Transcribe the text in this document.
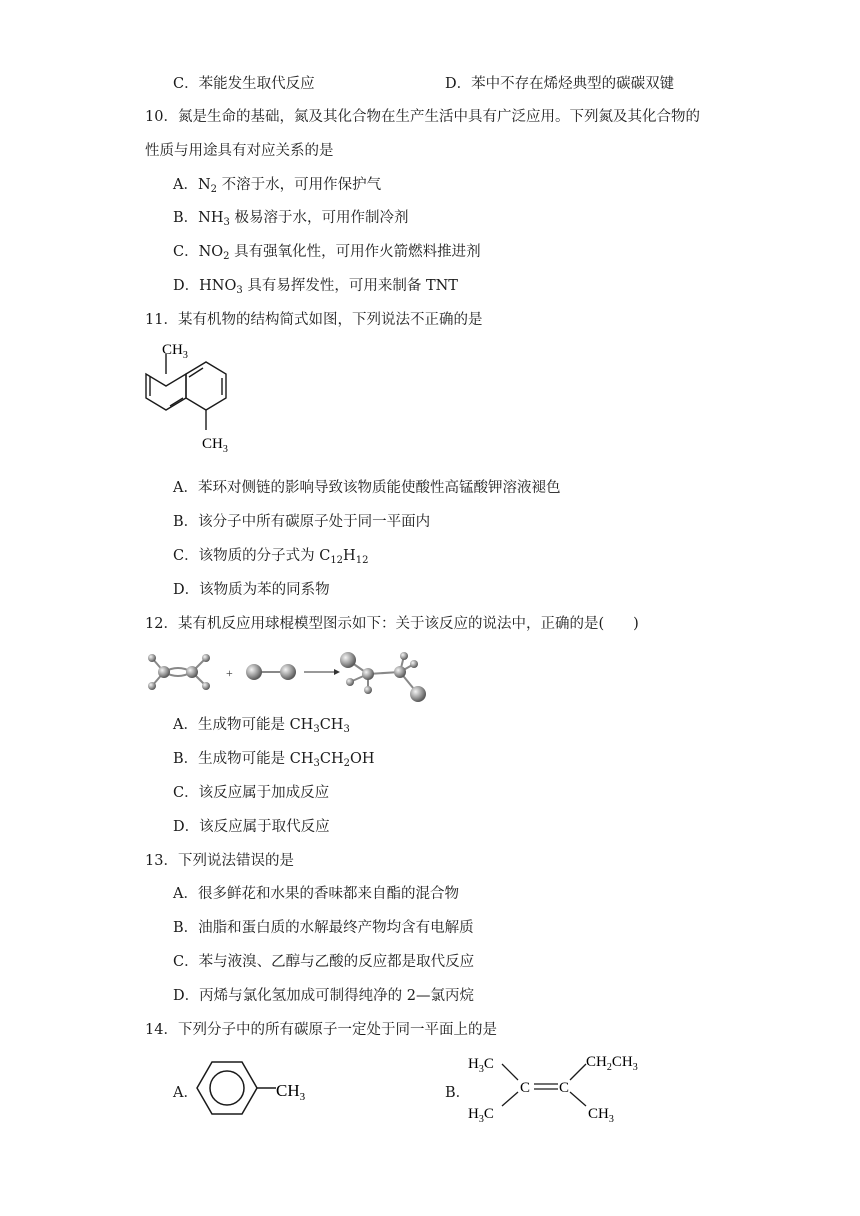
C．苯能发生取代反应	D．苯中不存在烯烃典型的碳碳双键
10．氮是生命的基础，氮及其化合物在生产生活中具有广泛应用。下列氮及其化合物的
性质与用途具有对应关系的是
A．$N_2$ 不溶于水，可用作保护气
B．$NH_3$ 极易溶于水，可用作制冷剂
C．$NO_2$ 具有强氧化性，可用作火箭燃料推进剂
D．$HNO_3$ 具有易挥发性，可用来制备 TNT
11．某有机物的结构简式如图，下列说法不正确的是
$CH_3$
$CH_3$
A．苯环对侧链的影响导致该物质能使酸性高锰酸钾溶液褪色
B．该分子中所有碳原子处于同一平面内
C．该物质的分子式为 $C_{12}H_{12}$
D．该物质为苯的同系物
12．某有机反应用球棍模型图示如下：关于该反应的说法中，正确的是(　　)
+
A．生成物可能是 $CH_3CH_3$
B．生成物可能是 $CH_3CH_2OH$
C．该反应属于加成反应
D．该反应属于取代反应
13．下列说法错误的是
A．很多鲜花和水果的香味都来自酯的混合物
B．油脂和蛋白质的水解最终产物均含有电解质
C．苯与液溴、乙醇与乙酸的反应都是取代反应
D．丙烯与氯化氢加成可制得纯净的 2—氯丙烷
14．下列分子中的所有碳原子一定处于同一平面上的是
A．	$CH_3$	B．
$H_3C$
$H_3C$
C C
$CH_2CH_3$
$CH_3$
